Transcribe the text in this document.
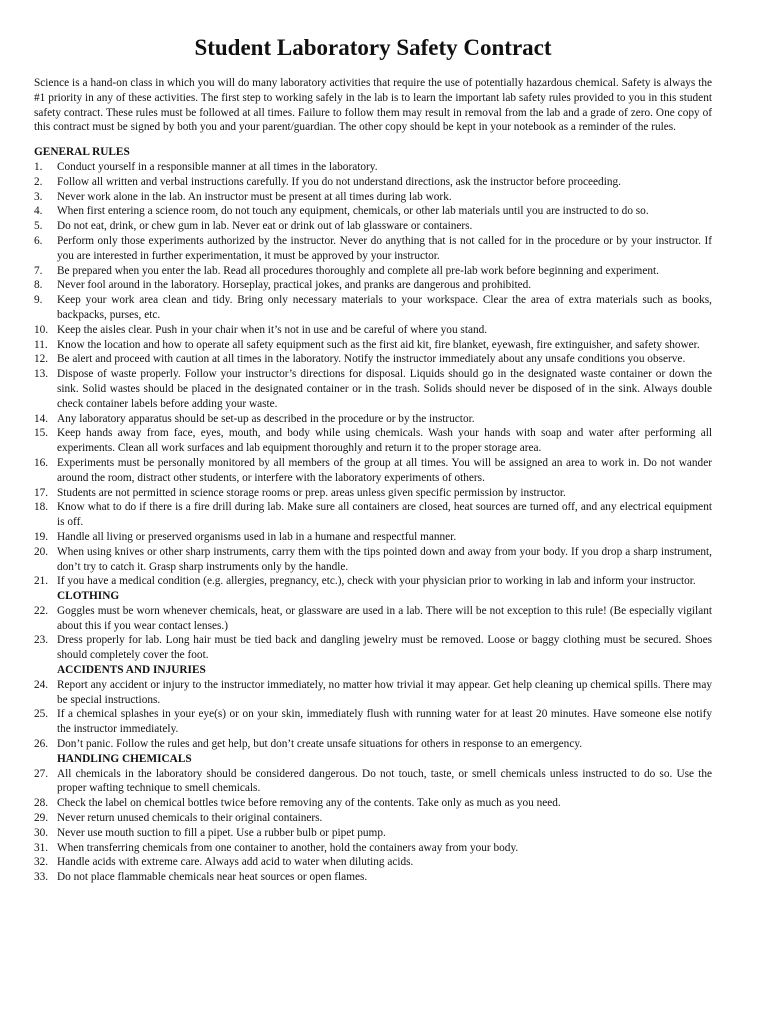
Student Laboratory Safety Contract

Science is a hand-on class in which you will do many laboratory activities that require the use of potentially hazardous chemical. Safety is always the #1 priority in any of these activities. The first step to working safely in the lab is to learn the important lab safety rules provided to you in this student safety contract. These rules must be followed at all times. Failure to follow them may result in removal from the lab and a grade of zero. One copy of this contract must be signed by both you and your parent/guardian. The other copy should be kept in your notebook as a reminder of the rules.

GENERAL RULES
1.	Conduct yourself in a responsible manner at all times in the laboratory.
2.	Follow all written and verbal instructions carefully. If you do not understand directions, ask the instructor before proceeding.
3.	Never work alone in the lab. An instructor must be present at all times during lab work.
4.	When first entering a science room, do not touch any equipment, chemicals, or other lab materials until you are instructed to do so.
5.	Do not eat, drink, or chew gum in lab. Never eat or drink out of lab glassware or containers.
6.	Perform only those experiments authorized by the instructor. Never do anything that is not called for in the procedure or by your instructor. If you are interested in further experimentation, it must be approved by your instructor.
7.	Be prepared when you enter the lab. Read all procedures thoroughly and complete all pre-lab work before beginning and experiment.
8.	Never fool around in the laboratory. Horseplay, practical jokes, and pranks are dangerous and prohibited.
9.	Keep your work area clean and tidy. Bring only necessary materials to your workspace. Clear the area of extra materials such as books, backpacks, purses, etc.
10. Keep the aisles clear. Push in your chair when it’s not in use and be careful of where you stand.
11. Know the location and how to operate all safety equipment such as the first aid kit, fire blanket, eyewash, fire extinguisher, and safety shower.
12. Be alert and proceed with caution at all times in the laboratory. Notify the instructor immediately about any unsafe conditions you observe.
13. Dispose of waste properly. Follow your instructor’s directions for disposal. Liquids should go in the designated waste container or down the sink. Solid wastes should be placed in the designated container or in the trash. Solids should never be disposed of in the sink. Always double check container labels before adding your waste.
14. Any laboratory apparatus should be set-up as described in the procedure or by the instructor.
15. Keep hands away from face, eyes, mouth, and body while using chemicals. Wash your hands with soap and water after performing all experiments. Clean all work surfaces and lab equipment thoroughly and return it to the proper storage area.
16. Experiments must be personally monitored by all members of the group at all times. You will be assigned an area to work in. Do not wander around the room, distract other students, or interfere with the laboratory experiments of others.
17. Students are not permitted in science storage rooms or prep. areas unless given specific permission by instructor.
18. Know what to do if there is a fire drill during lab. Make sure all containers are closed, heat sources are turned off, and any electrical equipment is off.
19. Handle all living or preserved organisms used in lab in a humane and respectful manner.
20. When using knives or other sharp instruments, carry them with the tips pointed down and away from your body. If you drop a sharp instrument, don’t try to catch it. Grasp sharp instruments only by the handle.
21. If you have a medical condition (e.g. allergies, pregnancy, etc.), check with your physician prior to working in lab and inform your instructor.
CLOTHING
22. Goggles must be worn whenever chemicals, heat, or glassware are used in a lab. There will be not exception to this rule! (Be especially vigilant about this if you wear contact lenses.)
23. Dress properly for lab. Long hair must be tied back and dangling jewelry must be removed. Loose or baggy clothing must be secured. Shoes should completely cover the foot.
ACCIDENTS AND INJURIES
24. Report any accident or injury to the instructor immediately, no matter how trivial it may appear. Get help cleaning up chemical spills. There may be special instructions.
25. If a chemical splashes in your eye(s) or on your skin, immediately flush with running water for at least 20 minutes. Have someone else notify the instructor immediately.
26. Don’t panic. Follow the rules and get help, but don’t create unsafe situations for others in response to an emergency.
HANDLING CHEMICALS
27. All chemicals in the laboratory should be considered dangerous. Do not touch, taste, or smell chemicals unless instructed to do so. Use the proper wafting technique to smell chemicals.
28. Check the label on chemical bottles twice before removing any of the contents. Take only as much as you need.
29. Never return unused chemicals to their original containers.
30. Never use mouth suction to fill a pipet. Use a rubber bulb or pipet pump.
31. When transferring chemicals from one container to another, hold the containers away from your body.
32. Handle acids with extreme care. Always add acid to water when diluting acids.
33. Do not place flammable chemicals near heat sources or open flames.
